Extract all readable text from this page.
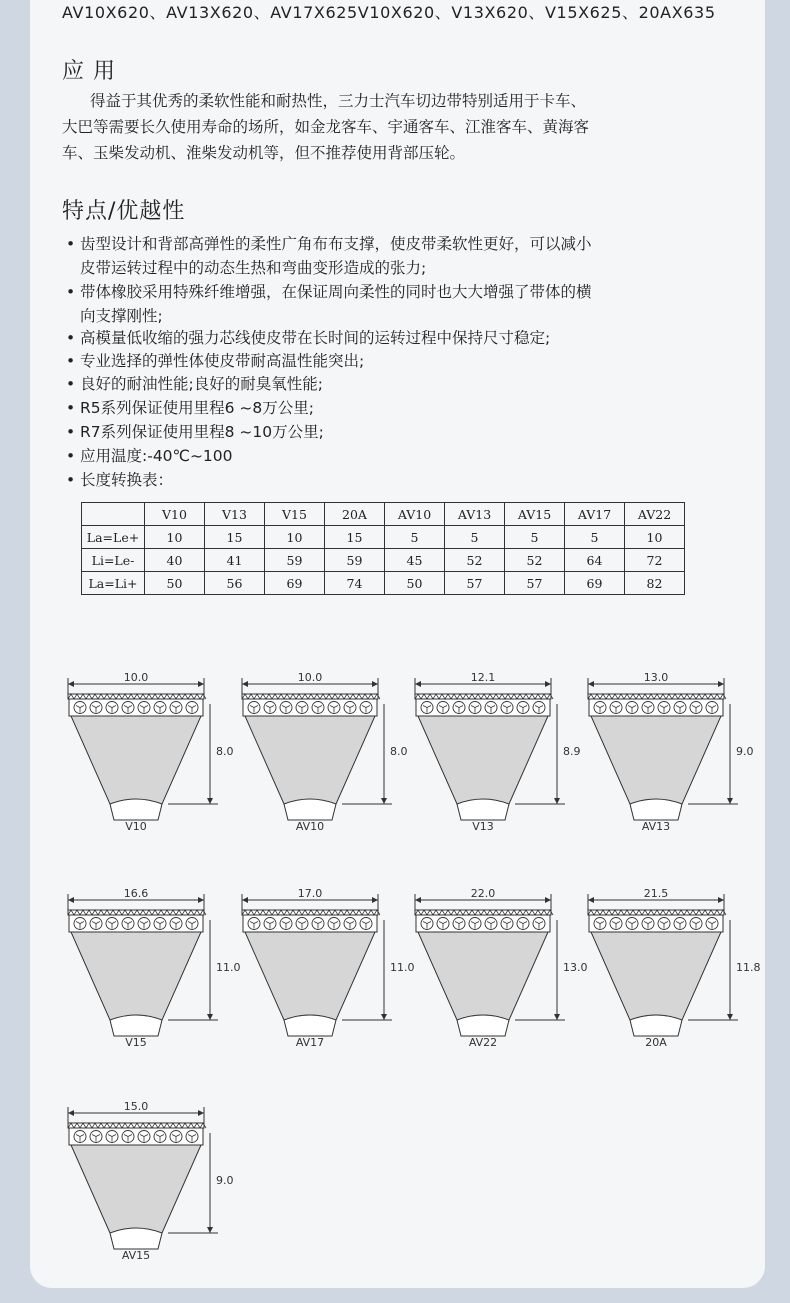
AV10X620、AV13X620、AV17X625V10X620、V13X620、V15X625、20AX635
应 用
得益于其优秀的柔软性能和耐热性，三力士汽车切边带特别适用于卡车、
大巴等需要长久使用寿命的场所，如金龙客车、宇通客车、江淮客车、黄海客
车、玉柴发动机、淮柴发动机等，但不推荐使用背部压轮。
特点/优越性
• 齿型设计和背部高弹性的柔性广角布布支撑，使皮带柔软性更好，可以减小
皮带运转过程中的动态生热和弯曲变形造成的张力;
• 带体橡胶采用特殊纤维增强，在保证周向柔性的同时也大大增强了带体的横
向支撑刚性;
• 高模量低收缩的强力芯线使皮带在长时间的运转过程中保持尺寸稳定;
• 专业选择的弹性体使皮带耐高温性能突出;
• 良好的耐油性能;良好的耐臭氧性能;
• R5系列保证使用里程6 ~8万公里;
• R7系列保证使用里程8 ~10万公里;
• 应用温度:-40℃~100
• 长度转换表：
	V10	V13	V15	20A	AV10	AV13	AV15	AV17	AV22
La=Le+	10	15	10	15	5	5	5	5	10
Li=Le-	40	41	59	59	45	52	52	64	72
La=Li+	50	56	69	74	50	57	57	69	82
10.0
8.0
V10
10.0
8.0
AV10
12.1
8.9
V13
13.0
9.0
AV13
16.6
11.0
V15
17.0
11.0
AV17
22.0
13.0
AV22
21.5
11.8
20A
15.0
9.0
AV15
